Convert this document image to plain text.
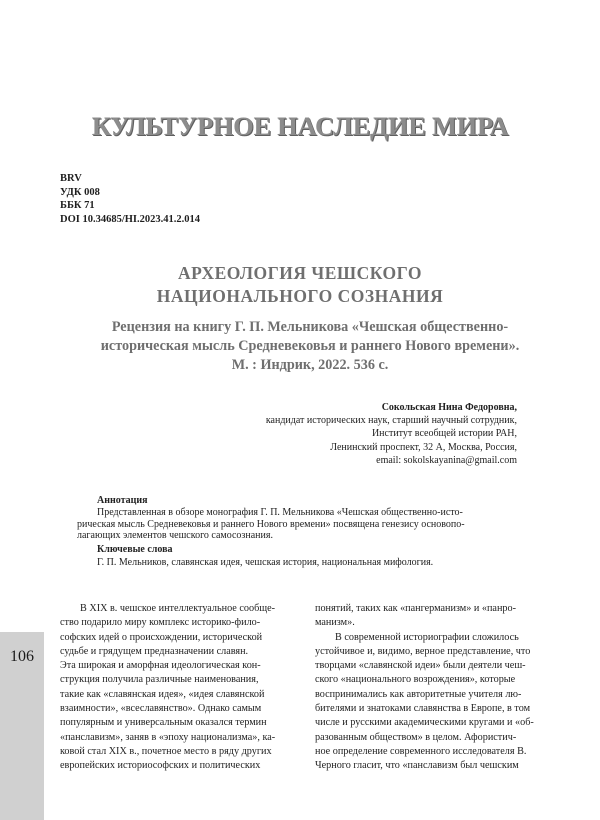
КУЛЬТУРНОЕ НАСЛЕДИЕ МИРА
BRV
УДК 008
ББК 71
DOI 10.34685/HI.2023.41.2.014
АРХЕОЛОГИЯ ЧЕШСКОГО
НАЦИОНАЛЬНОГО СОЗНАНИЯ
Рецензия на книгу Г. П. Мельникова «Чешская общественно-
историческая мысль Средневековья и раннего Нового времени».
М. : Индрик, 2022. 536 с.
Сокольская Нина Федоровна,
кандидат исторических наук, старший научный сотрудник,
Институт всеобщей истории РАН,
Ленинский проспект, 32 А, Москва, Россия,
email: sokolskayanina@gmail.com
Аннотация
Представленная в обзоре монография Г. П. Мельникова «Чешская общественно-исто-
рическая мысль Средневековья и раннего Нового времени» посвящена генезису основопо-
лагающих элементов чешского самосознания.
Ключевые слова
Г. П. Мельников, славянская идея, чешская история, национальная мифология.
В XIX в. чешское интеллектуальное сообще-
ство подарило миру комплекс историко-фило-
софских идей о происхождении, исторической
судьбе и грядущем предназначении славян.
Эта широкая и аморфная идеологическая кон-
струкция получила различные наименования,
такие как «славянская идея», «идея славянской
взаимности», «всеславянство». Однако самым
популярным и универсальным оказался термин
«панславизм», заняв в «эпоху национализма», ка-
ковой стал XIX в., почетное место в ряду других
европейских историософских и политических
понятий, таких как «пангерманизм» и «панро-
манизм».
В современной историографии сложилось
устойчивое и, видимо, верное представление, что
творцами «славянской идеи» были деятели чеш-
ского «национального возрождения», которые
воспринимались как авторитетные учителя лю-
бителями и знатоками славянства в Европе, в том
числе и русскими академическими кругами и «об-
разованным обществом» в целом. Афористич-
ное определение современного исследователя В.
Черного гласит, что «панславизм был чешским
106
